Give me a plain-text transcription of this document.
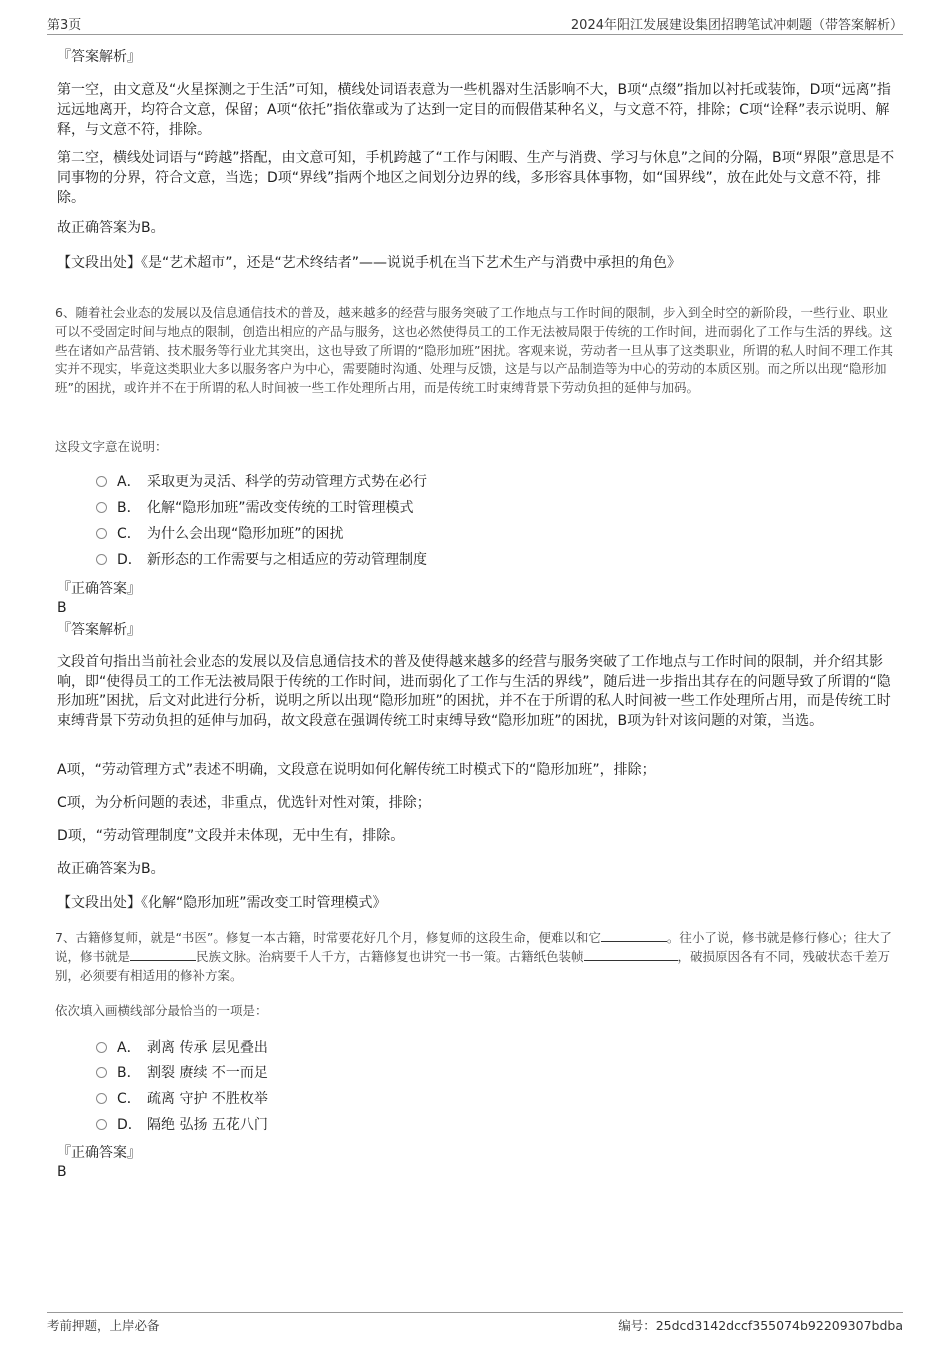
第3页	2024年阳江发展建设集团招聘笔试冲刺题（带答案解析）

『答案解析』

第一空，由文意及“火星探测之于生活”可知，横线处词语表意为一些机器对生活影响不大，B项“点缀”指加以衬托或装饰，D项“远离”指远远地离开，均符合文意，保留；A项“依托”指依靠或为了达到一定目的而假借某种名义，与文意不符，排除；C项“诠释”表示说明、解释，与文意不符，排除。

第二空，横线处词语与“跨越”搭配，由文意可知，手机跨越了“工作与闲暇、生产与消费、学习与休息”之间的分隔，B项“界限”意思是不同事物的分界，符合文意，当选；D项“界线”指两个地区之间划分边界的线，多形容具体事物，如“国界线”，放在此处与文意不符，排除。

故正确答案为B。

【文段出处】《是“艺术超市”，还是“艺术终结者”——说说手机在当下艺术生产与消费中承担的角色》

6、随着社会业态的发展以及信息通信技术的普及，越来越多的经营与服务突破了工作地点与工作时间的限制，步入到全时空的新阶段，一些行业、职业可以不受固定时间与地点的限制，创造出相应的产品与服务，这也必然使得员工的工作无法被局限于传统的工作时间，进而弱化了工作与生活的界线。这些在诸如产品营销、技术服务等行业尤其突出，这也导致了所谓的“隐形加班”困扰。客观来说，劳动者一旦从事了这类职业，所谓的私人时间不理工作其实并不现实，毕竟这类职业大多以服务客户为中心，需要随时沟通、处理与反馈，这是与以产品制造等为中心的劳动的本质区别。而之所以出现“隐形加班”的困扰，或许并不在于所谓的私人时间被一些工作处理所占用，而是传统工时束缚背景下劳动负担的延伸与加码。

这段文字意在说明：

A． 采取更为灵活、科学的劳动管理方式势在必行
B． 化解“隐形加班”需改变传统的工时管理模式
C． 为什么会出现“隐形加班”的困扰
D． 新形态的工作需要与之相适应的劳动管理制度

『正确答案』

B

『答案解析』

文段首句指出当前社会业态的发展以及信息通信技术的普及使得越来越多的经营与服务突破了工作地点与工作时间的限制，并介绍其影响，即“使得员工的工作无法被局限于传统的工作时间，进而弱化了工作与生活的界线”，随后进一步指出其存在的问题导致了所谓的“隐形加班”困扰，后文对此进行分析，说明之所以出现“隐形加班”的困扰，并不在于所谓的私人时间被一些工作处理所占用，而是传统工时束缚背景下劳动负担的延伸与加码，故文段意在强调传统工时束缚导致“隐形加班”的困扰，B项为针对该问题的对策，当选。

A项，“劳动管理方式”表述不明确，文段意在说明如何化解传统工时模式下的“隐形加班”，排除；

C项，为分析问题的表述，非重点，优选针对性对策，排除；

D项，“劳动管理制度”文段并未体现，无中生有，排除。

故正确答案为B。

【文段出处】《化解“隐形加班”需改变工时管理模式》

7、古籍修复师，就是“书医”。修复一本古籍，时常要花好几个月，修复师的这段生命，便难以和它	。往小了说，修书就是修行修心；往大了说，修书就是	民族文脉。治病要千人千方，古籍修复也讲究一书一策。古籍纸色装帧	，破损原因各有不同，残破状态千差万别，必须要有相适用的修补方案。

依次填入画横线部分最恰当的一项是：

A． 剥离 传承 层见叠出
B． 割裂 赓续 不一而足
C． 疏离 守护 不胜枚举
D． 隔绝 弘扬 五花八门

『正确答案』

B

考前押题，上岸必备	编号：25dcd3142dccf355074b92209307bdba
